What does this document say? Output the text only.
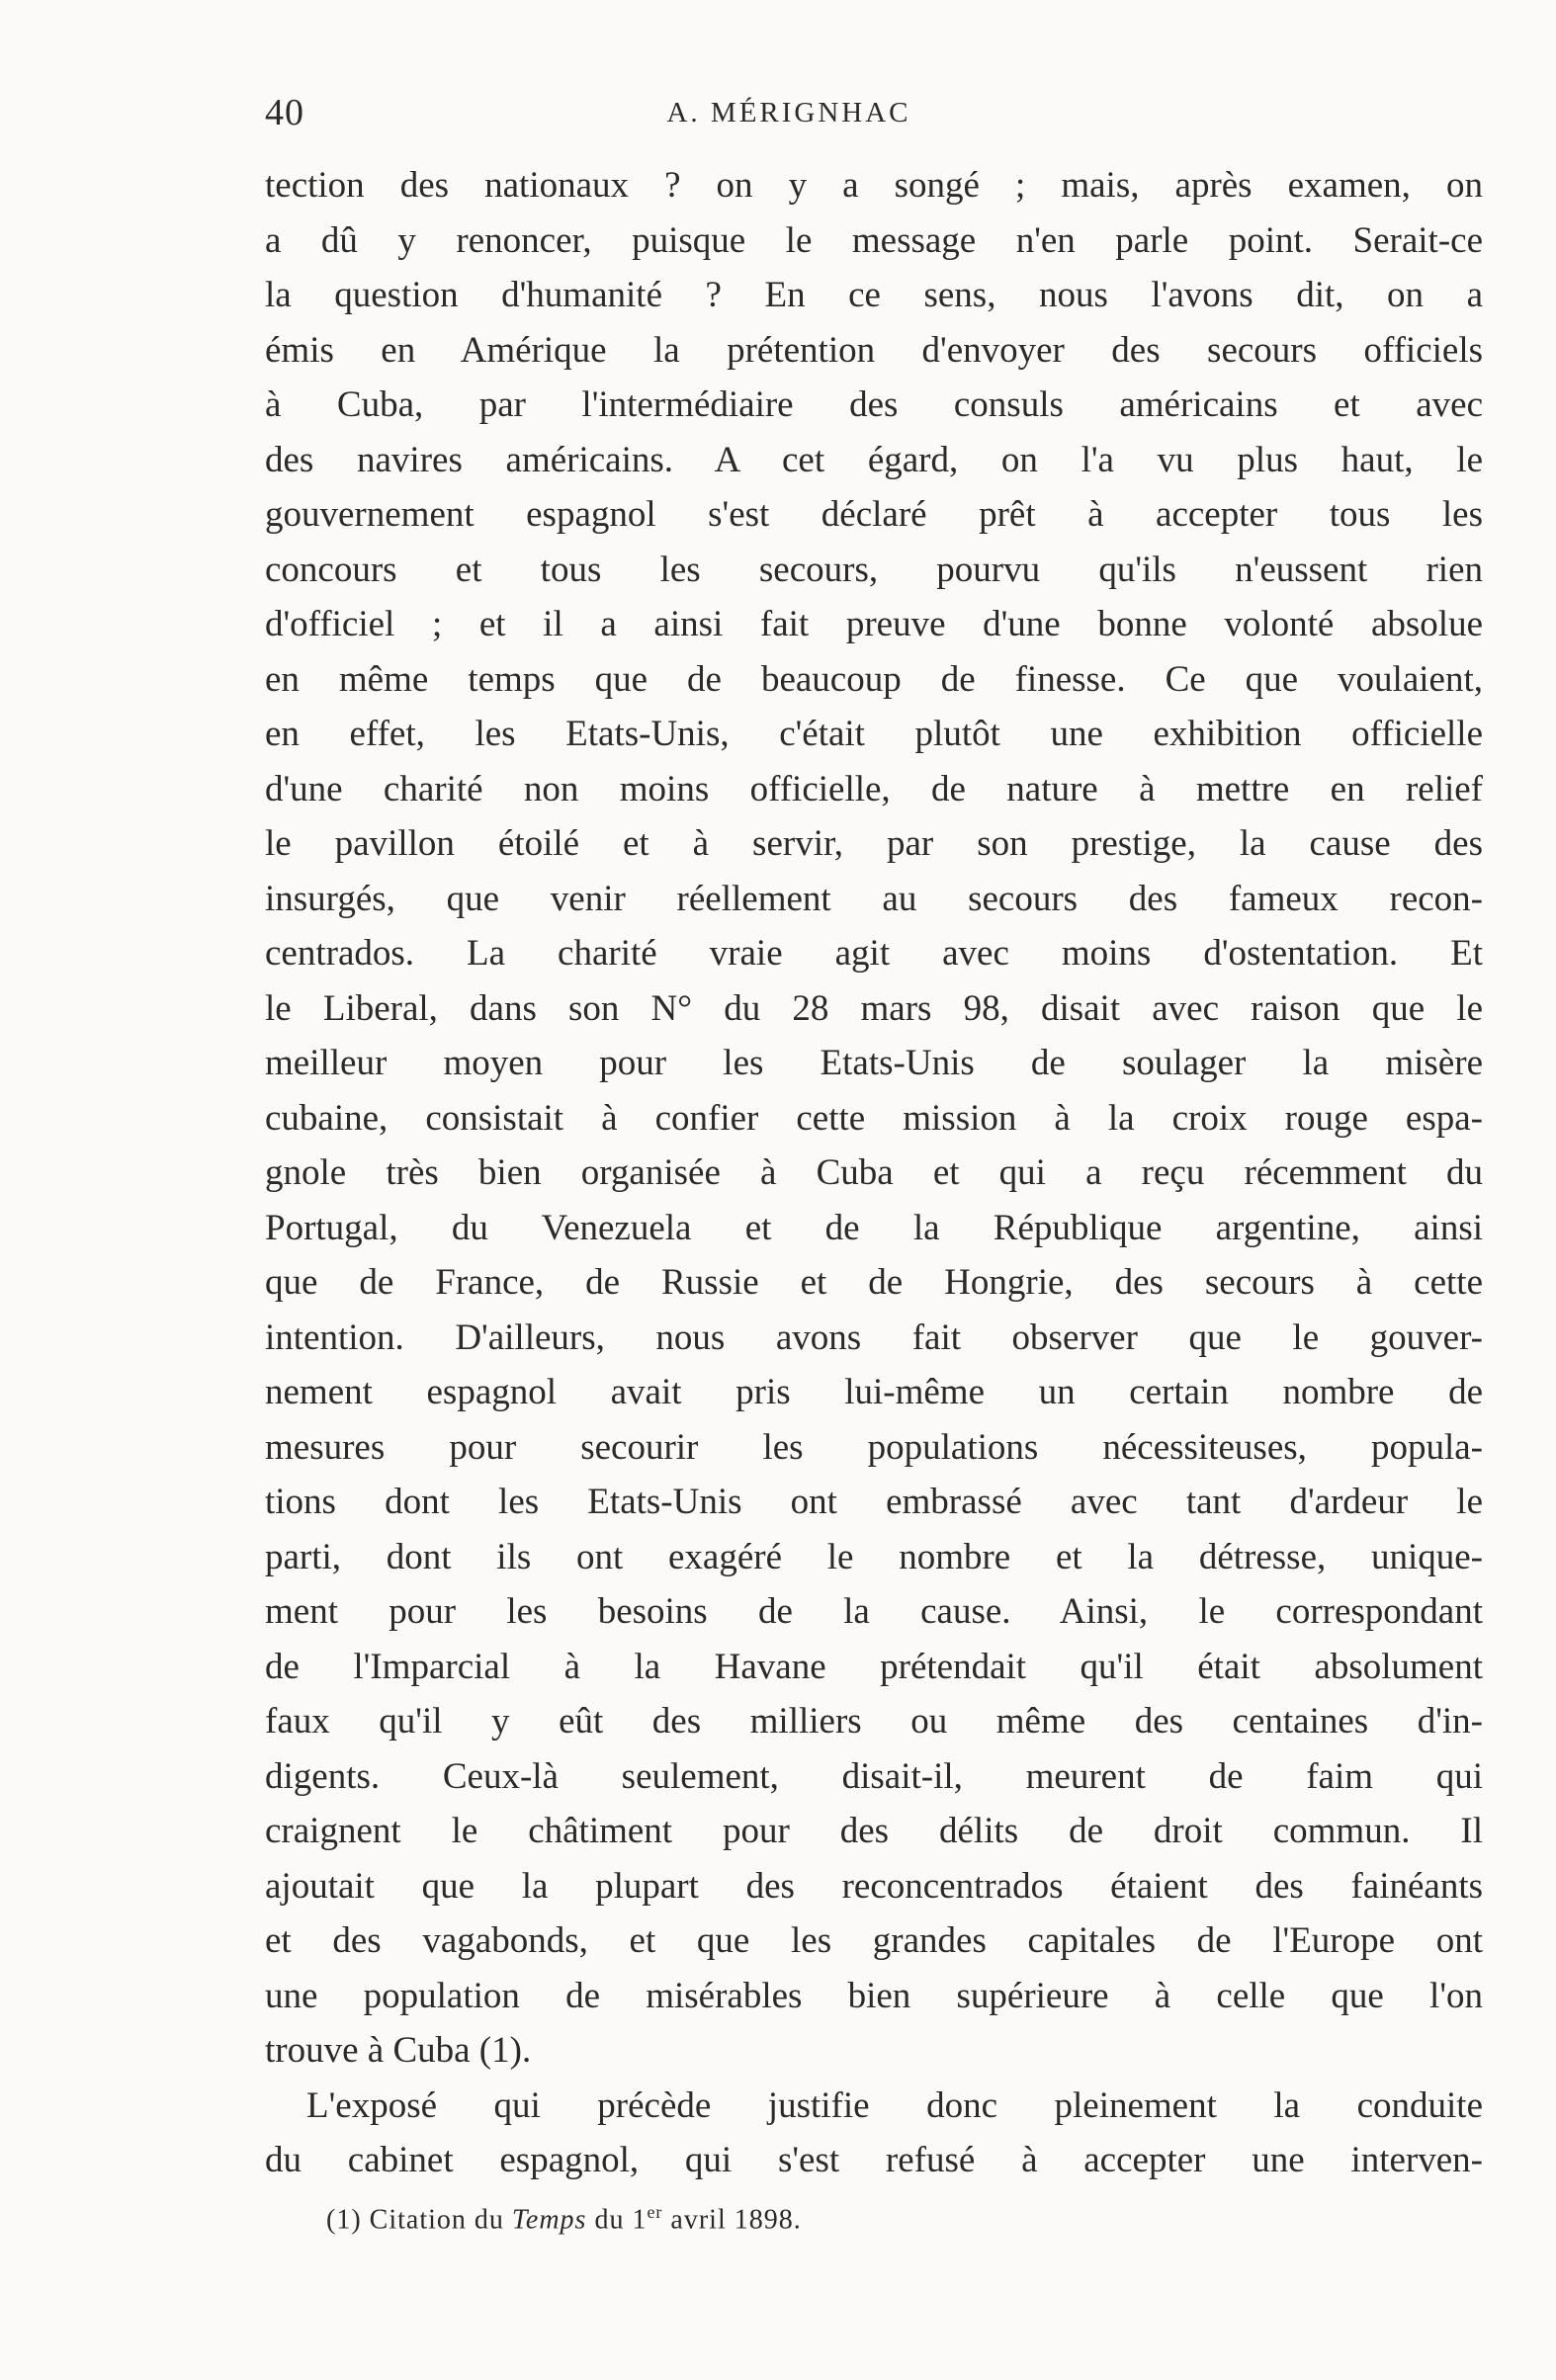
40	A. MÉRIGNHAC
tection des nationaux ? on y a songé ; mais, après examen, on
a dû y renoncer, puisque le message n'en parle point. Serait-ce
la question d'humanité ? En ce sens, nous l'avons dit, on a
émis en Amérique la prétention d'envoyer des secours officiels
à Cuba, par l'intermédiaire des consuls américains et avec
des navires américains. A cet égard, on l'a vu plus haut, le
gouvernement espagnol s'est déclaré prêt à accepter tous les
concours et tous les secours, pourvu qu'ils n'eussent rien
d'officiel ; et il a ainsi fait preuve d'une bonne volonté absolue
en même temps que de beaucoup de finesse. Ce que voulaient,
en effet, les Etats-Unis, c'était plutôt une exhibition officielle
d'une charité non moins officielle, de nature à mettre en relief
le pavillon étoilé et à servir, par son prestige, la cause des
insurgés, que venir réellement au secours des fameux recon-
centrados. La charité vraie agit avec moins d'ostentation. Et
le Liberal, dans son N° du 28 mars 98, disait avec raison que le
meilleur moyen pour les Etats-Unis de soulager la misère
cubaine, consistait à confier cette mission à la croix rouge espa-
gnole très bien organisée à Cuba et qui a reçu récemment du
Portugal, du Venezuela et de la République argentine, ainsi
que de France, de Russie et de Hongrie, des secours à cette
intention. D'ailleurs, nous avons fait observer que le gouver-
nement espagnol avait pris lui-même un certain nombre de
mesures pour secourir les populations nécessiteuses, popula-
tions dont les Etats-Unis ont embrassé avec tant d'ardeur le
parti, dont ils ont exagéré le nombre et la détresse, unique-
ment pour les besoins de la cause. Ainsi, le correspondant
de l'Imparcial à la Havane prétendait qu'il était absolument
faux qu'il y eût des milliers ou même des centaines d'in-
digents. Ceux-là seulement, disait-il, meurent de faim qui
craignent le châtiment pour des délits de droit commun. Il
ajoutait que la plupart des reconcentrados étaient des fainéants
et des vagabonds, et que les grandes capitales de l'Europe ont
une population de misérables bien supérieure à celle que l'on
trouve à Cuba (1).
L'exposé qui précède justifie donc pleinement la conduite
du cabinet espagnol, qui s'est refusé à accepter une interven-
(1) Citation du Temps du 1er avril 1898.
